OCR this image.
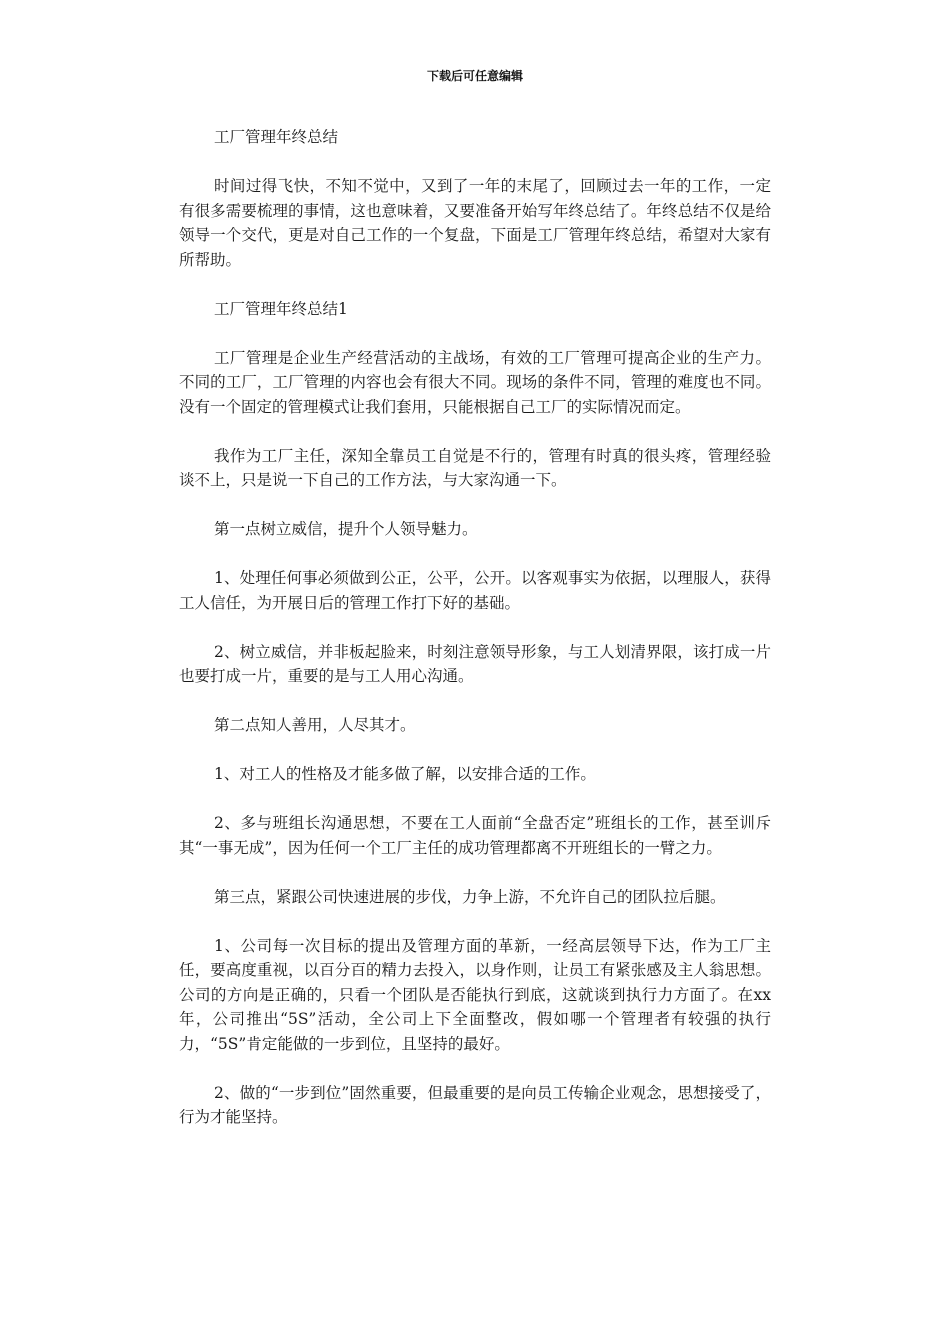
下载后可任意编辑

工厂管理年终总结

时间过得飞快，不知不觉中，又到了一年的末尾了，回顾过去一年的工作，一定有很多需要梳理的事情，这也意味着，又要准备开始写年终总结了。年终总结不仅是给领导一个交代，更是对自己工作的一个复盘，下面是工厂管理年终总结，希望对大家有所帮助。

工厂管理年终总结1

工厂管理是企业生产经营活动的主战场，有效的工厂管理可提高企业的生产力。不同的工厂，工厂管理的内容也会有很大不同。现场的条件不同，管理的难度也不同。没有一个固定的管理模式让我们套用，只能根据自己工厂的实际情况而定。

我作为工厂主任，深知全靠员工自觉是不行的，管理有时真的很头疼，管理经验谈不上，只是说一下自己的工作方法，与大家沟通一下。

第一点树立威信，提升个人领导魅力。

1、处理任何事必须做到公正，公平，公开。以客观事实为依据，以理服人，获得工人信任，为开展日后的管理工作打下好的基础。

2、树立威信，并非板起脸来，时刻注意领导形象，与工人划清界限，该打成一片也要打成一片，重要的是与工人用心沟通。

第二点知人善用，人尽其才。

1、对工人的性格及才能多做了解，以安排合适的工作。

2、多与班组长沟通思想，不要在工人面前“全盘否定”班组长的工作，甚至训斥其“一事无成”，因为任何一个工厂主任的成功管理都离不开班组长的一臂之力。

第三点，紧跟公司快速进展的步伐，力争上游，不允许自己的团队拉后腿。

1、公司每一次目标的提出及管理方面的革新，一经高层领导下达，作为工厂主任，要高度重视，以百分百的精力去投入，以身作则，让员工有紧张感及主人翁思想。公司的方向是正确的，只看一个团队是否能执行到底，这就谈到执行力方面了。在xx年，公司推出“5S”活动，全公司上下全面整改，假如哪一个管理者有较强的执行力，“5S”肯定能做的一步到位，且坚持的最好。

2、做的“一步到位”固然重要，但最重要的是向员工传输企业观念，思想接受了，行为才能坚持。
